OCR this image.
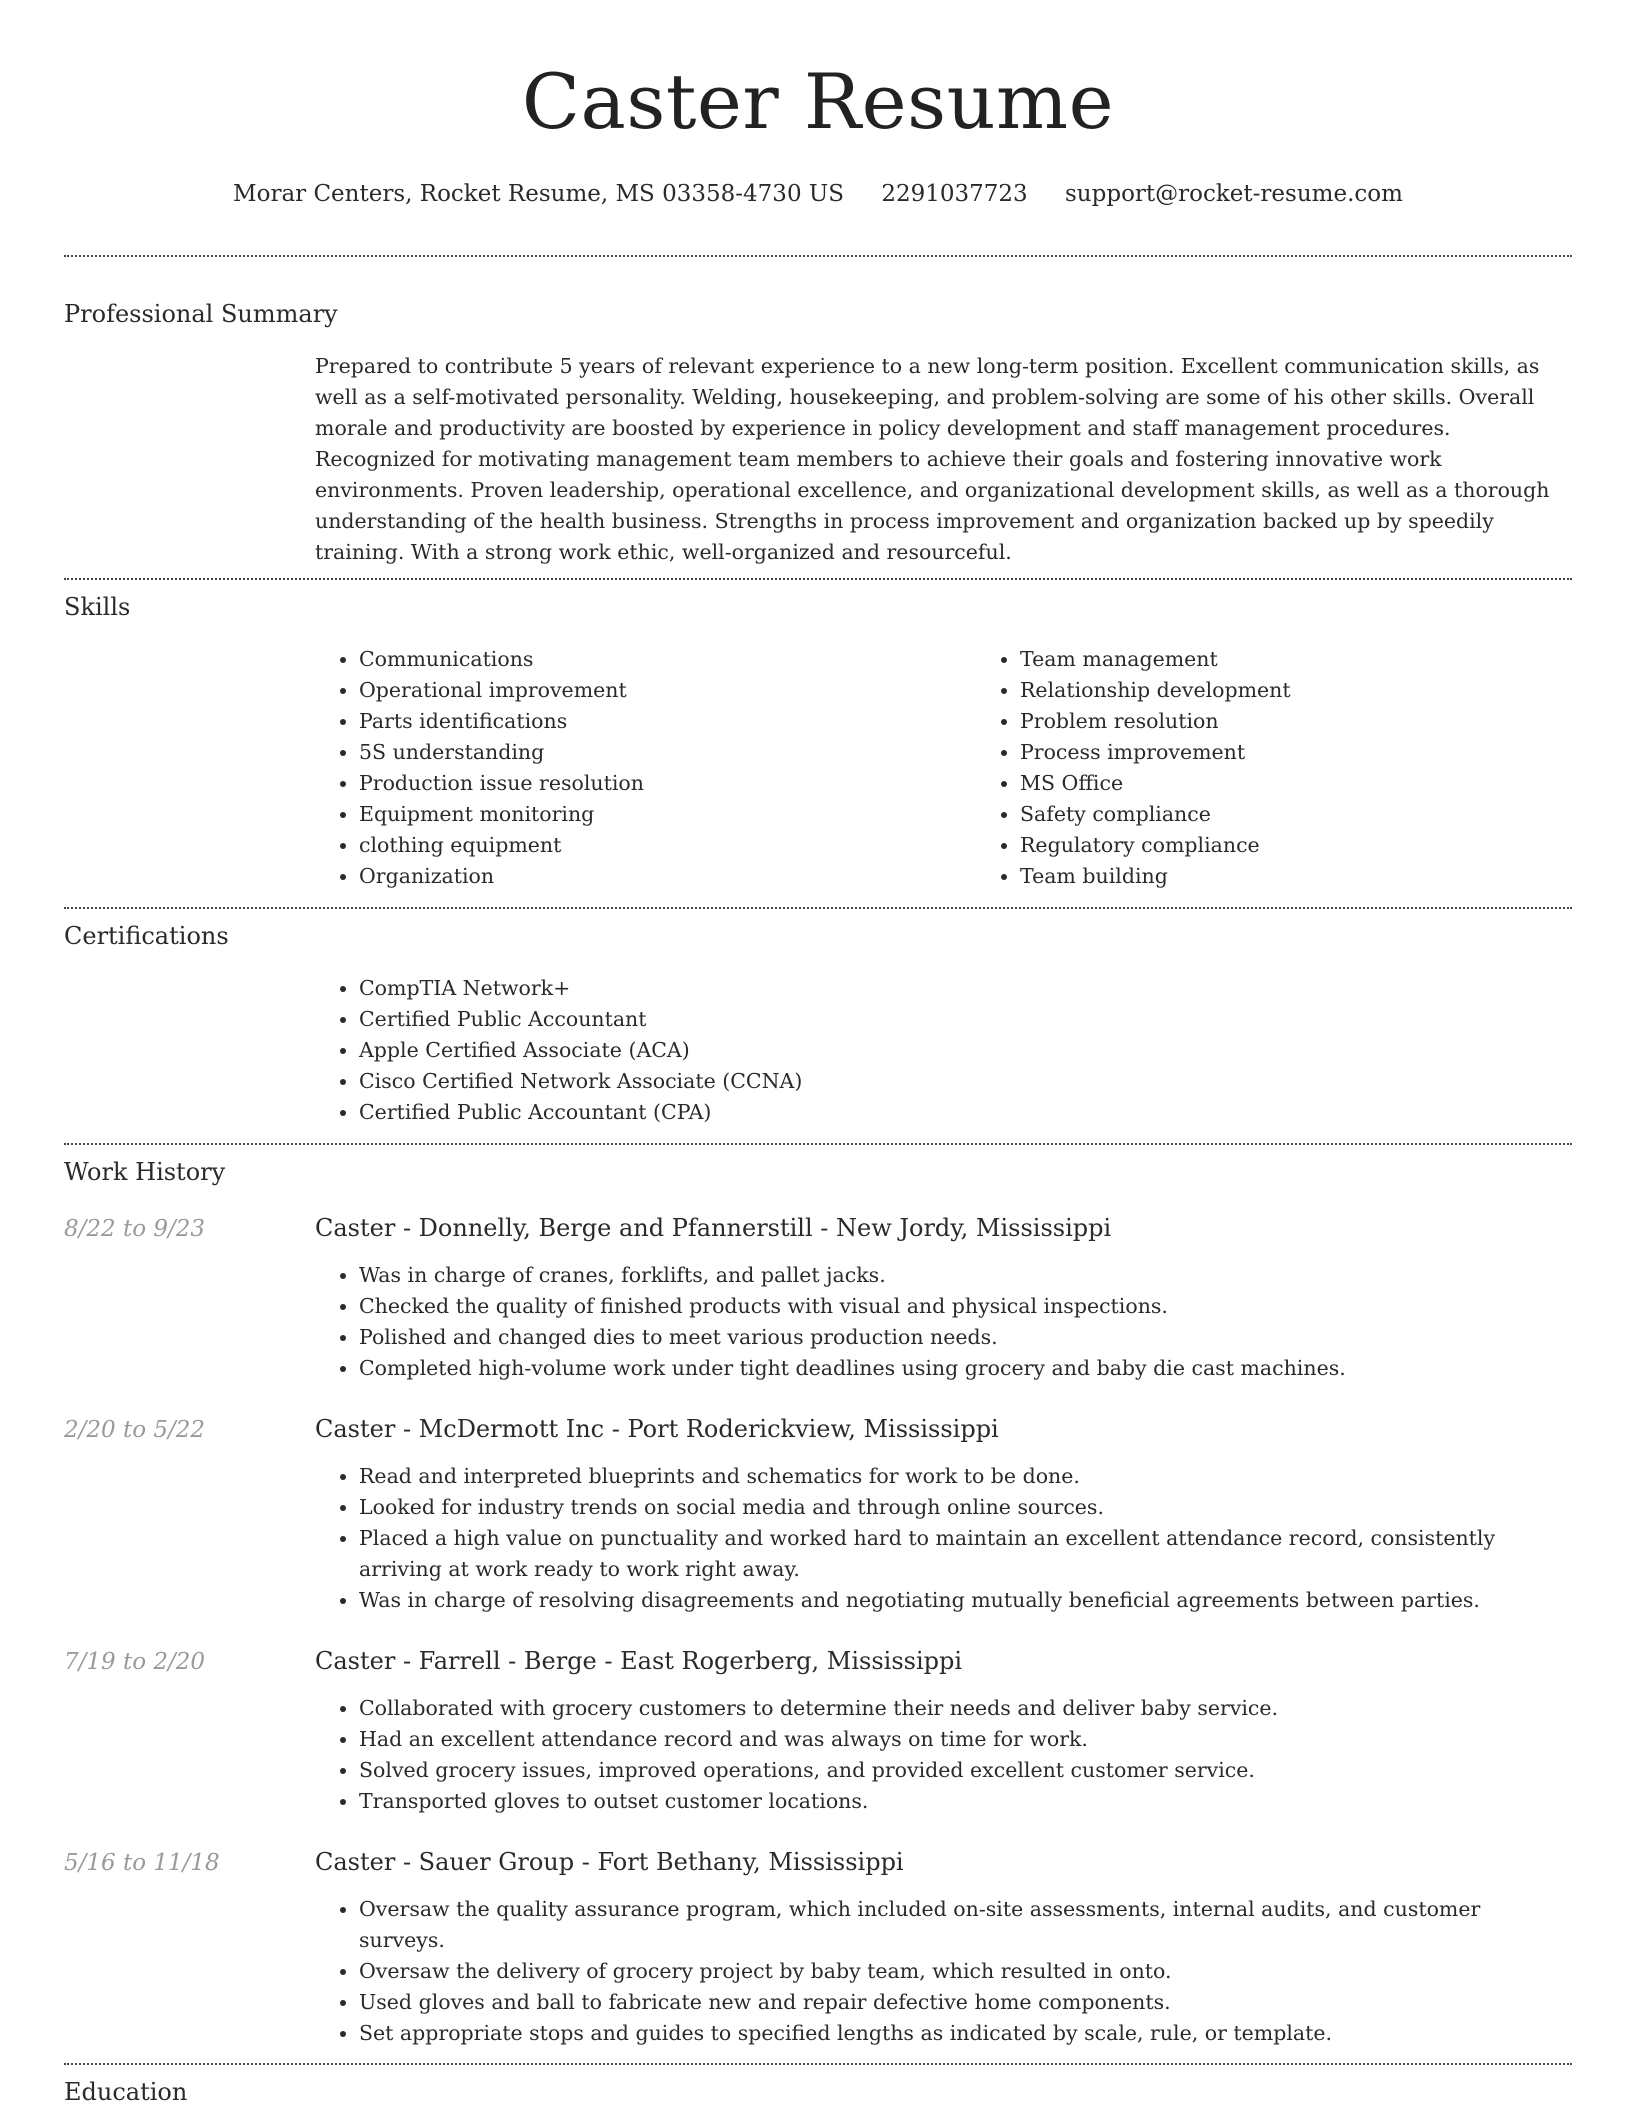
Caster Resume
Morar Centers, Rocket Resume, MS 03358-4730 US 2291037723 support@rocket-resume.com
Professional Summary

Prepared to contribute 5 years of relevant experience to a new long-term position. Excellent communication skills, as well as a self-motivated personality. Welding, housekeeping, and problem-solving are some of his other skills. Overall morale and productivity are boosted by experience in policy development and staff management procedures. Recognized for motivating management team members to achieve their goals and fostering innovative work environments. Proven leadership, operational excellence, and organizational development skills, as well as a thorough understanding of the health business. Strengths in process improvement and organization backed up by speedily training. With a strong work ethic, well-organized and resourceful.

Skills
• Communications
• Operational improvement
• Parts identifications
• 5S understanding
• Production issue resolution
• Equipment monitoring
• clothing equipment
• Organization
• Team management
• Relationship development
• Problem resolution
• Process improvement
• MS Office
• Safety compliance
• Regulatory compliance
• Team building
Certifications
• CompTIA Network+
• Certified Public Accountant
• Apple Certified Associate (ACA)
• Cisco Certified Network Associate (CCNA)
• Certified Public Accountant (CPA)
Work History
8/22 to 9/23	Caster - Donnelly, Berge and Pfannerstill - New Jordy, Mississippi
• Was in charge of cranes, forklifts, and pallet jacks.
• Checked the quality of finished products with visual and physical inspections.
• Polished and changed dies to meet various production needs.
• Completed high-volume work under tight deadlines using grocery and baby die cast machines.
2/20 to 5/22	Caster - McDermott Inc - Port Roderickview, Mississippi
• Read and interpreted blueprints and schematics for work to be done.
• Looked for industry trends on social media and through online sources.
• Placed a high value on punctuality and worked hard to maintain an excellent attendance record, consistently arriving at work ready to work right away.
• Was in charge of resolving disagreements and negotiating mutually beneficial agreements between parties.
7/19 to 2/20	Caster - Farrell - Berge - East Rogerberg, Mississippi
• Collaborated with grocery customers to determine their needs and deliver baby service.
• Had an excellent attendance record and was always on time for work.
• Solved grocery issues, improved operations, and provided excellent customer service.
• Transported gloves to outset customer locations.
5/16 to 11/18	Caster - Sauer Group - Fort Bethany, Mississippi
• Oversaw the quality assurance program, which included on-site assessments, internal audits, and customer surveys.
• Oversaw the delivery of grocery project by baby team, which resulted in onto.
• Used gloves and ball to fabricate new and repair defective home components.
• Set appropriate stops and guides to specified lengths as indicated by scale, rule, or template.
Education
